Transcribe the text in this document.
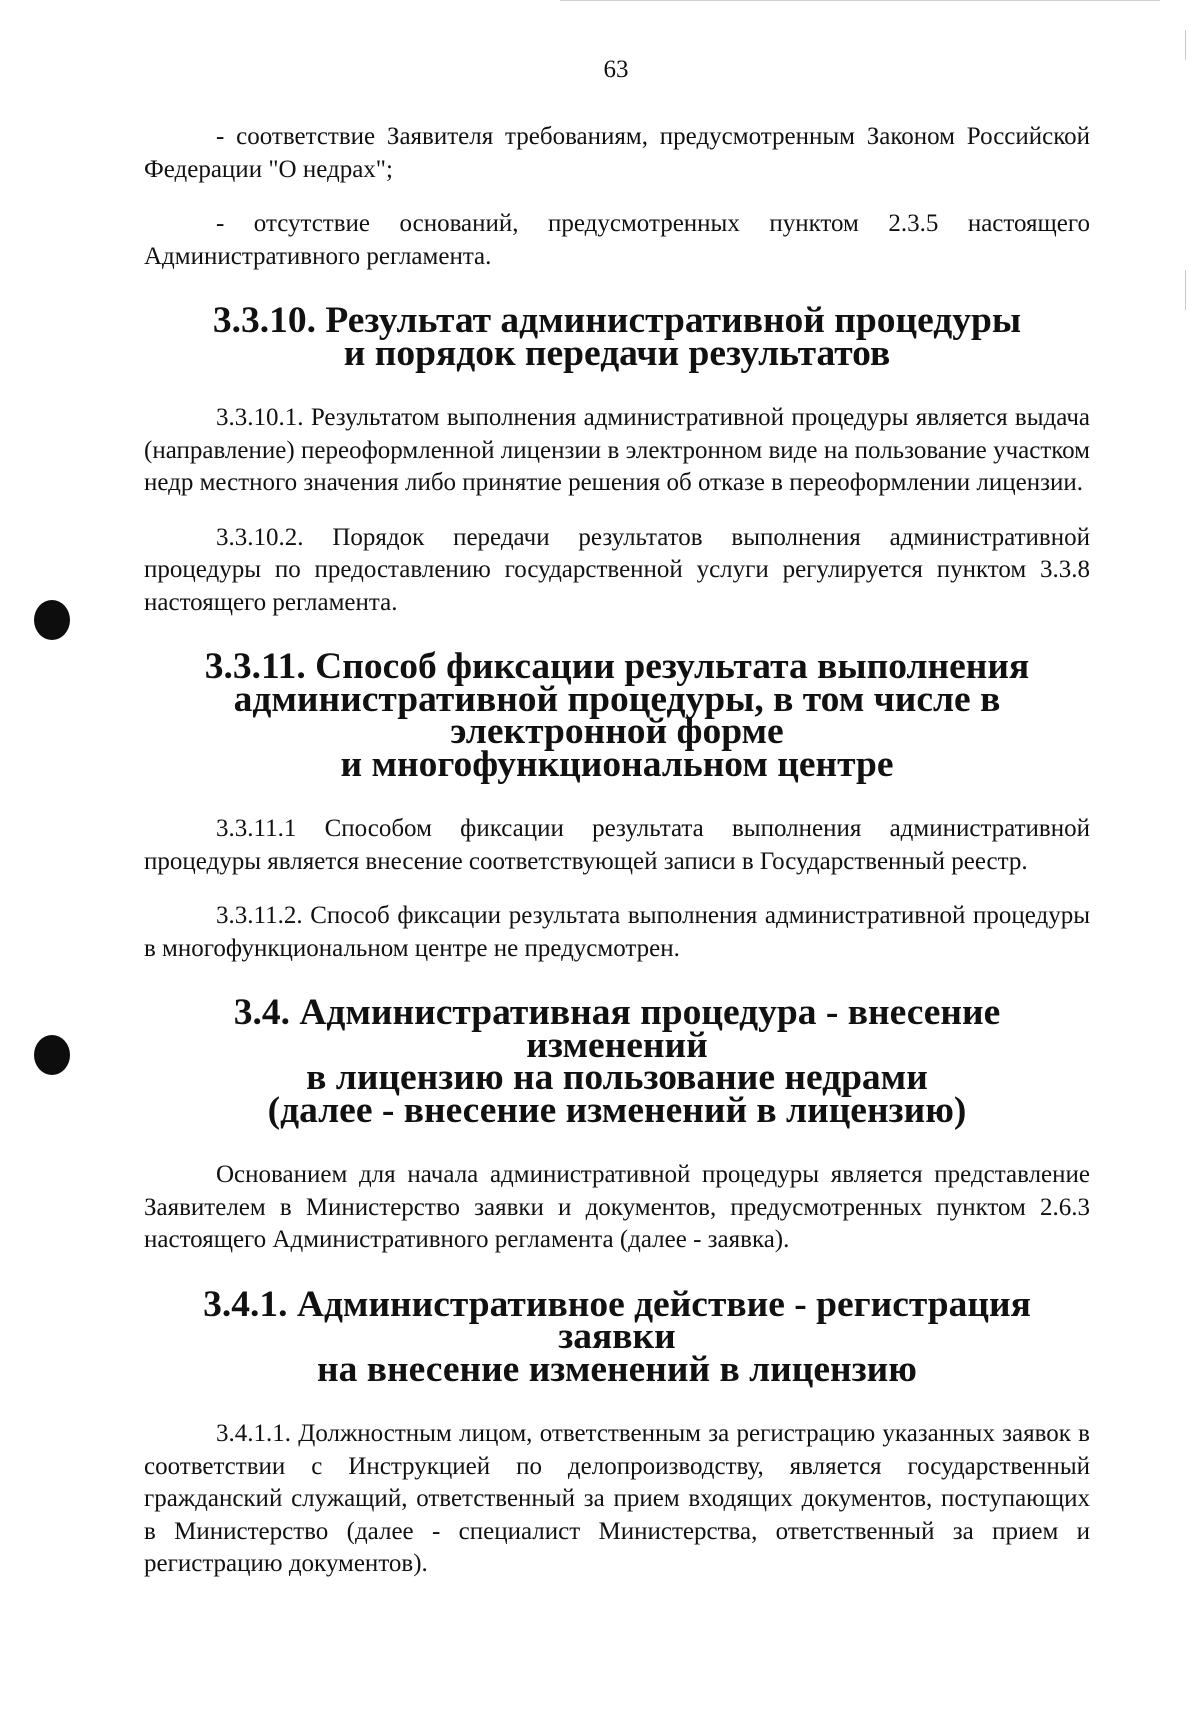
63

- соответствие Заявителя требованиям, предусмотренным Законом Российской Федерации "О недрах";

- отсутствие оснований, предусмотренных пунктом 2.3.5 настоящего Административного регламента.

3.3.10. Результат административной процедуры
и порядок передачи результатов

3.3.10.1. Результатом выполнения административной процедуры является выдача (направление) переоформленной лицензии в электронном виде на пользование участком недр местного значения либо принятие решения об отказе в переоформлении лицензии.

3.3.10.2. Порядок передачи результатов выполнения административной процедуры по предоставлению государственной услуги регулируется пунктом 3.3.8 настоящего регламента.

3.3.11. Способ фиксации результата выполнения
административной процедуры, в том числе в электронной форме
и многофункциональном центре

3.3.11.1 Способом фиксации результата выполнения административной процедуры является внесение соответствующей записи в Государственный реестр.

3.3.11.2. Способ фиксации результата выполнения административной процедуры в многофункциональном центре не предусмотрен.

3.4. Административная процедура - внесение изменений
в лицензию на пользование недрами
(далее - внесение изменений в лицензию)

Основанием для начала административной процедуры является представление Заявителем в Министерство заявки и документов, предусмотренных пунктом 2.6.3 настоящего Административного регламента (далее - заявка).

3.4.1. Административное действие - регистрация заявки
на внесение изменений в лицензию

3.4.1.1. Должностным лицом, ответственным за регистрацию указанных заявок в соответствии с Инструкцией по делопроизводству, является государственный гражданский служащий, ответственный за прием входящих документов, поступающих в Министерство (далее - специалист Министерства, ответственный за прием и регистрацию документов).
